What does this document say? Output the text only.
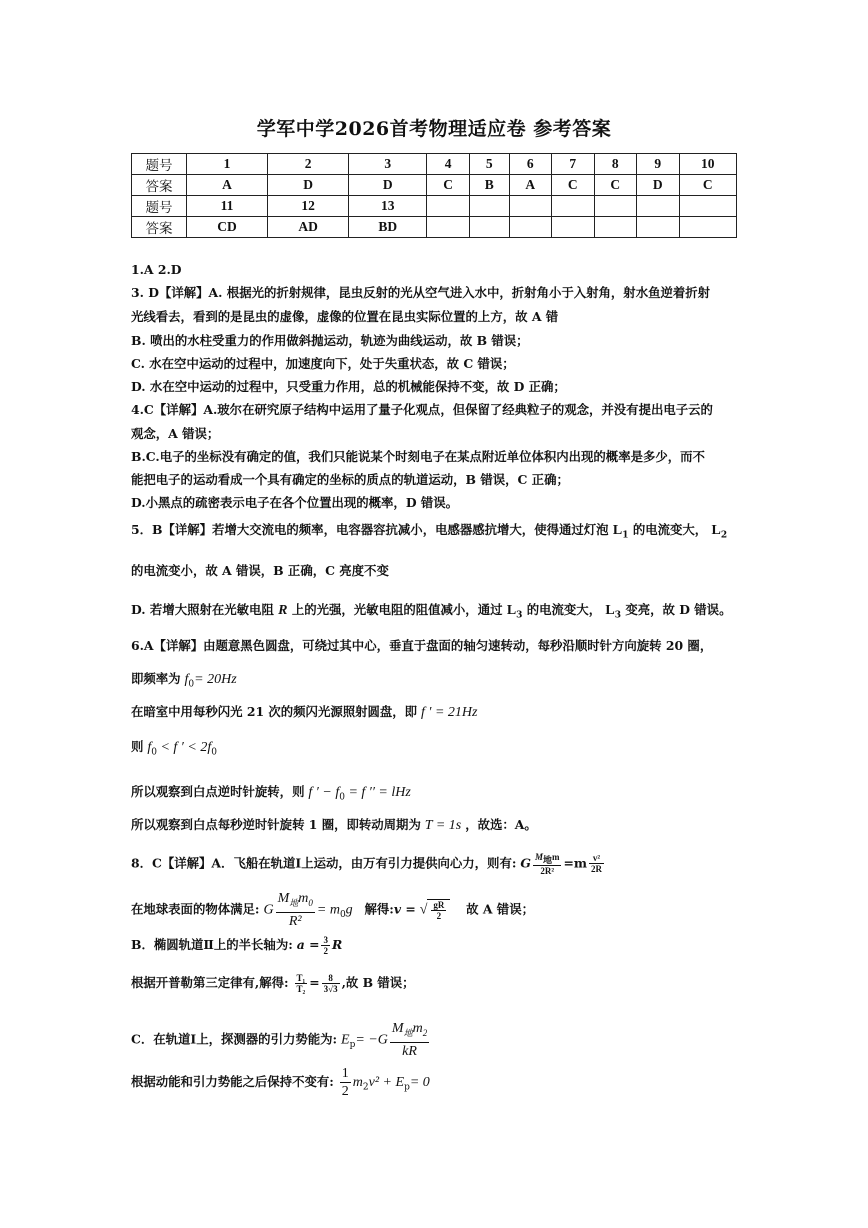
学军中学2026首考物理适应卷 参考答案
题号	1	2	3	4	5	6	7	8	9	10
答案	A	D	D	C	B	A	C	C	D	C
题号	11	12	13							
答案	CD	AD	BD							
1.A 2.D
3. D【详解】A. 根据光的折射规律，昆虫反射的光从空气进入水中，折射角小于入射角，射水鱼逆着折射
光线看去，看到的是昆虫的虚像，虚像的位置在昆虫实际位置的上方，故 A 错
B. 喷出的水柱受重力的作用做斜抛运动，轨迹为曲线运动，故 B 错误；
C. 水在空中运动的过程中，加速度向下，处于失重状态，故 C 错误；
D. 水在空中运动的过程中，只受重力作用，总的机械能保持不变，故 D 正确；
4.C【详解】A.玻尔在研究原子结构中运用了量子化观点，但保留了经典粒子的观念，并没有提出电子云的
观念，A 错误；
B.C.电子的坐标没有确定的值，我们只能说某个时刻电子在某点附近单位体积内出现的概率是多少，而不
能把电子的运动看成一个具有确定的坐标的质点的轨道运动，B 错误，C 正确；
D.小黑点的疏密表示电子在各个位置出现的概率，D 错误。
5．B【详解】若增大交流电的频率，电容器容抗减小，电感器感抗增大，使得通过灯泡 $L_1$ 的电流变大， $L_2$
的电流变小，故 A 错误，B 正确，C 亮度不变
D. 若增大照射在光敏电阻 R 上的光强，光敏电阻的阻值减小，通过 $L_3$ 的电流变大， $L_3$ 变亮，故 D 错误。
6.A【详解】由题意黑色圆盘，可绕过其中心，垂直于盘面的轴匀速转动，每秒沿顺时针方向旋转 20 圈，
即频率为 $f_0= 20Hz$
在暗室中用每秒闪光 21 次的频闪光源照射圆盘，即 f ′ = 21Hz
则 $f_0 < f$ ′ < $2f_0$
所以观察到白点逆时针旋转，则 f ′ − $f_0 = f$ ′′ = lHz
所以观察到白点每秒逆时针旋转 1 圈，即转动周期为 T = 1s ，故选：A。
8．C【详解】A．飞船在轨道Ⅰ上运动，由万有引力提供向心力，则有: G $\frac{M_地m}{\text{2R²}} =m \frac{\text{v²}}{2R}$
在地球表面的物体满足: G $\frac{M_地m_0}{\text{R²}} = m_0g$ 解得:v = √ $\frac{gR}{2}$ 故 A 错误；
B．椭圆轨道Ⅱ上的半长轴为: $a = \frac{3}{2}$ R
根据开普勒第三定律有,解得: $\frac{\text{T₁}}{\text{T₂}} = \frac{8}{3√3}$ ,故 B 错误；
C．在轨道Ⅰ上，探测器的引力势能为: $E_p= -G \frac{M_地m_2}{kR}$
根据动能和引力势能之后保持不变有: $\frac{1}{2} m_2v^2 + E_p= 0$
